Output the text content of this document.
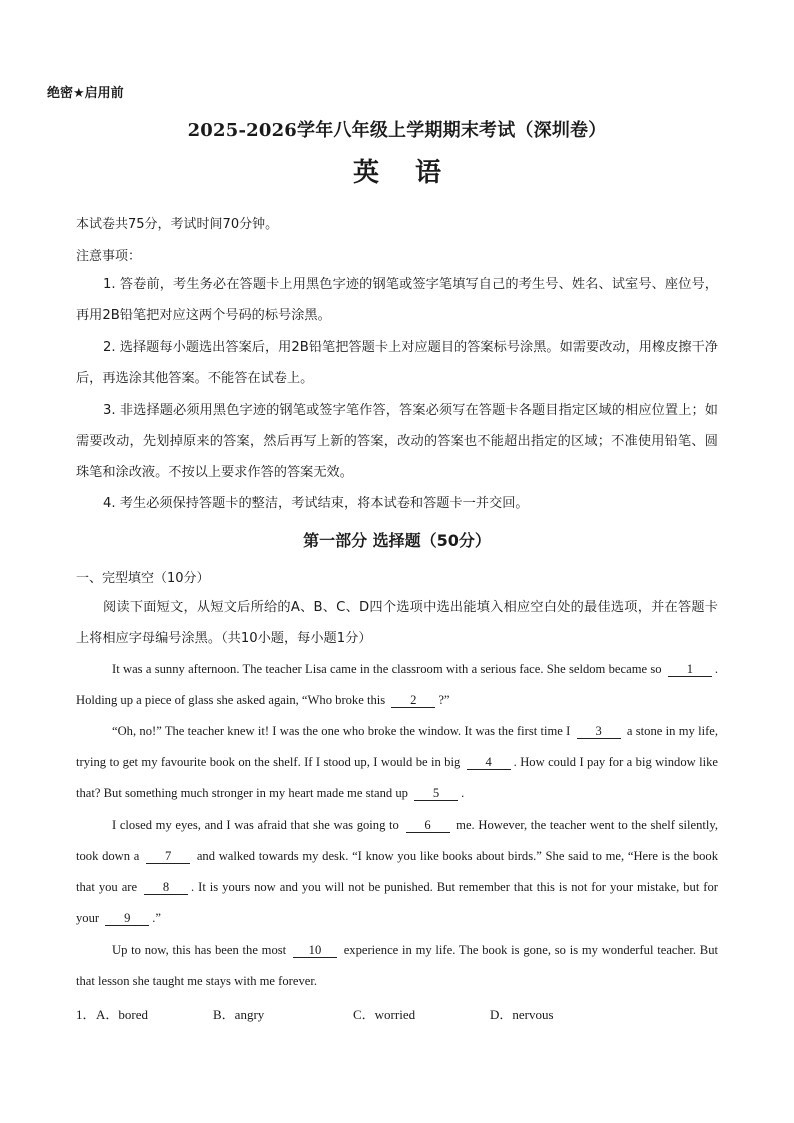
绝密★启用前
2025-2026学年八年级上学期期末考试（深圳卷）
英语
本试卷共75分，考试时间70分钟。
注意事项：
1. 答卷前，考生务必在答题卡上用黑色字迹的钢笔或签字笔填写自己的考生号、姓名、试室号、座位号，再用2B铅笔把对应这两个号码的标号涂黑。
2. 选择题每小题选出答案后，用2B铅笔把答题卡上对应题目的答案标号涂黑。如需要改动，用橡皮擦干净后，再选涂其他答案。不能答在试卷上。
3. 非选择题必须用黑色字迹的钢笔或签字笔作答，答案必须写在答题卡各题目指定区域的相应位置上；如需要改动，先划掉原来的答案，然后再写上新的答案，改动的答案也不能超出指定的区域；不准使用铅笔、圆珠笔和涂改液。不按以上要求作答的答案无效。
4. 考生必须保持答题卡的整洁，考试结束，将本试卷和答题卡一并交回。
第一部分 选择题（50分）
一、完型填空（10分）
阅读下面短文，从短文后所给的A、B、C、D四个选项中选出能填入相应空白处的最佳选项，并在答题卡上将相应字母编号涂黑。（共10小题，每小题1分）
It was a sunny afternoon. The teacher Lisa came in the classroom with a serious face. She seldom became so 1 . Holding up a piece of glass she asked again, “Who broke this 2 ?”
“Oh, no!” The teacher knew it! I was the one who broke the window. It was the first time I 3 a stone in my life, trying to get my favourite book on the shelf. If I stood up, I would be in big 4 . How could I pay for a big window like that? But something much stronger in my heart made me stand up 5 .
I closed my eyes, and I was afraid that she was going to 6 me. However, the teacher went to the shelf silently, took down a 7 and walked towards my desk. “I know you like books about birds.” She said to me, “Here is the book that you are 8 . It is yours now and you will not be punished. But remember that this is not for your mistake, but for your 9 .”
Up to now, this has been the most 10 experience in my life. The book is gone, so is my wonderful teacher. But that lesson she taught me stays with me forever.
1． A．bored	B．angry	C．worried	D．nervous
